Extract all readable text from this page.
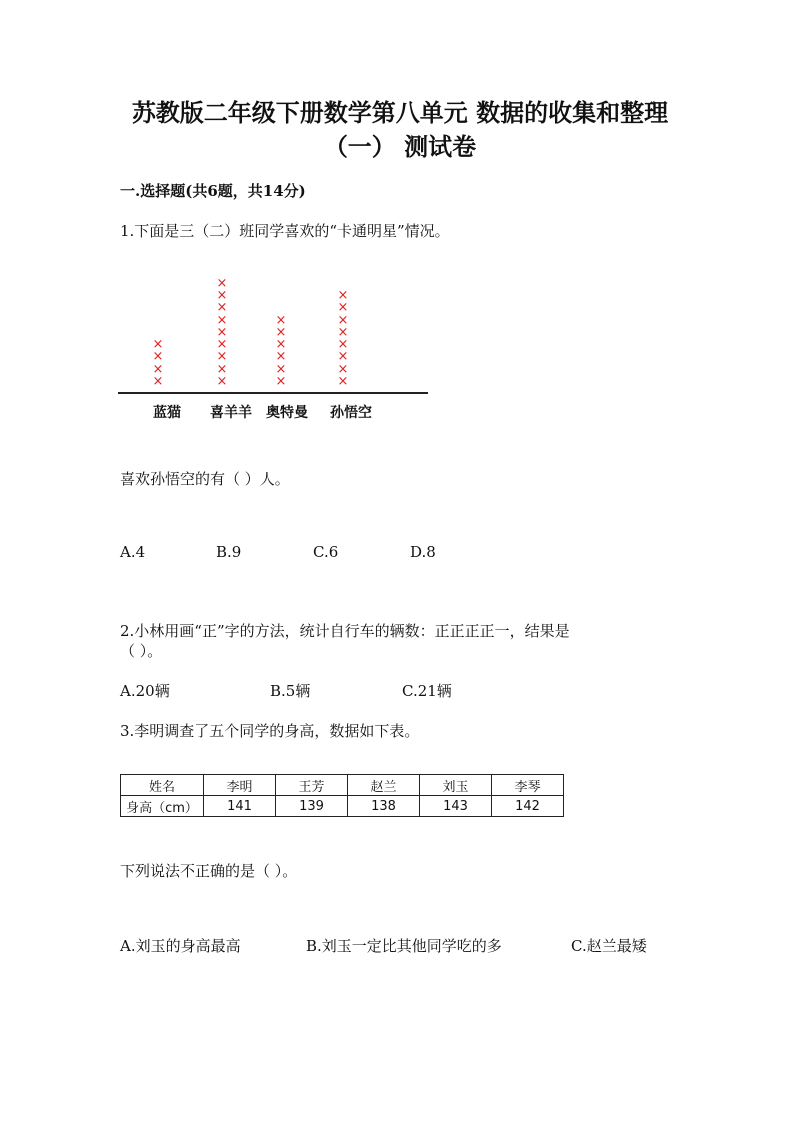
苏教版二年级下册数学第八单元 数据的收集和整理
（一） 测试卷
一.选择题(共6题，共14分)
1.下面是三（二）班同学喜欢的“卡通明星”情况。
×
×
×
×
蓝猫
×
×
×
×
×
×
×
×
×
喜羊羊
×
×
×
×
×
×
奥特曼
×
×
×
×
×
×
×
×
孙悟空
喜欢孙悟空的有（ ）人。
A.4	B.9	C.6	D.8
2.小林用画“正”字的方法，统计自行车的辆数：正正正正一，结果是
（ ）。
A.20辆	B.5辆	C.21辆
3.李明调查了五个同学的身高，数据如下表。
姓名	李明	王芳	赵兰	刘玉	李琴
身高（cm）	141	139	138	143	142
下列说法不正确的是（ ）。
A.刘玉的身高最高	B.刘玉一定比其他同学吃的多	C.赵兰最矮
